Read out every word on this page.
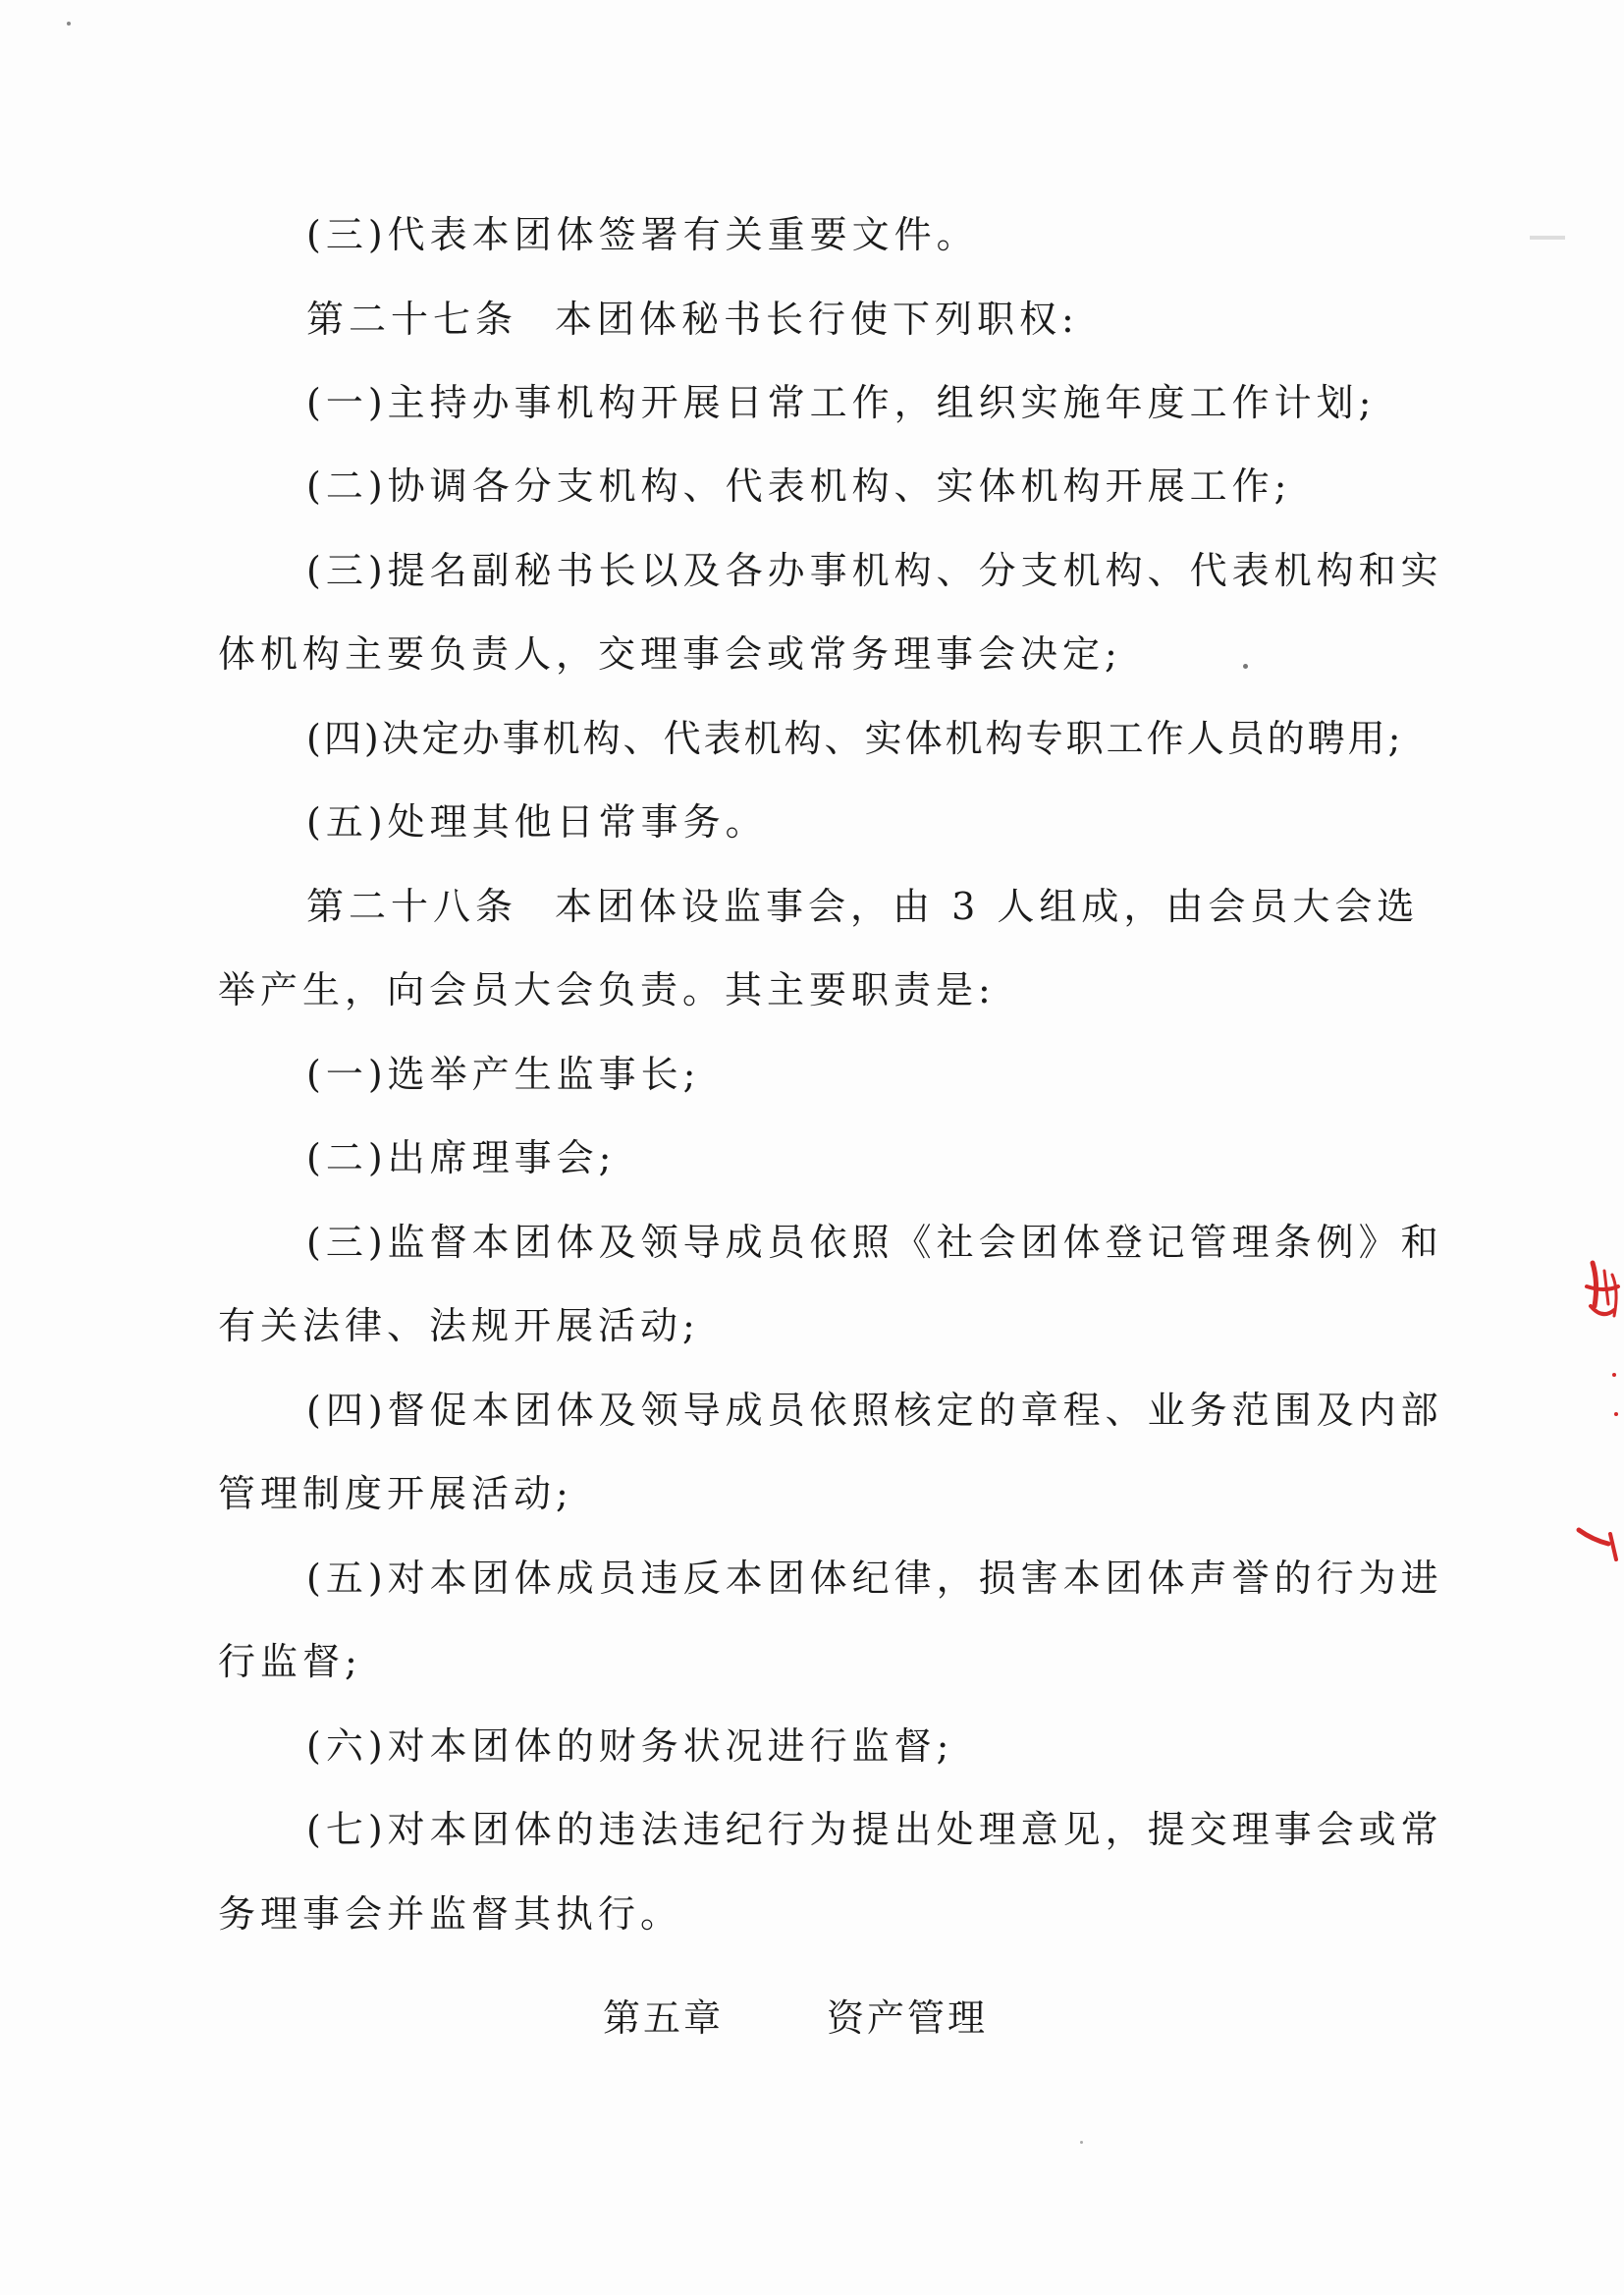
(三)代表本团体签署有关重要文件。
第二十七条 本团体秘书长行使下列职权:
(一)主持办事机构开展日常工作，组织实施年度工作计划;
(二)协调各分支机构、代表机构、实体机构开展工作;
(三)提名副秘书长以及各办事机构、分支机构、代表机构和实
体机构主要负责人，交理事会或常务理事会决定;
(四)决定办事机构、代表机构、实体机构专职工作人员的聘用;
(五)处理其他日常事务。
第二十八条 本团体设监事会，由 3 人组成，由会员大会选
举产生，向会员大会负责。其主要职责是:
(一)选举产生监事长;
(二)出席理事会;
(三)监督本团体及领导成员依照《社会团体登记管理条例》和
有关法律、法规开展活动;
(四)督促本团体及领导成员依照核定的章程、业务范围及内部
管理制度开展活动;
(五)对本团体成员违反本团体纪律，损害本团体声誉的行为进
行监督;
(六)对本团体的财务状况进行监督;
(七)对本团体的违法违纪行为提出处理意见，提交理事会或常
务理事会并监督其执行。
第五章	资产管理
